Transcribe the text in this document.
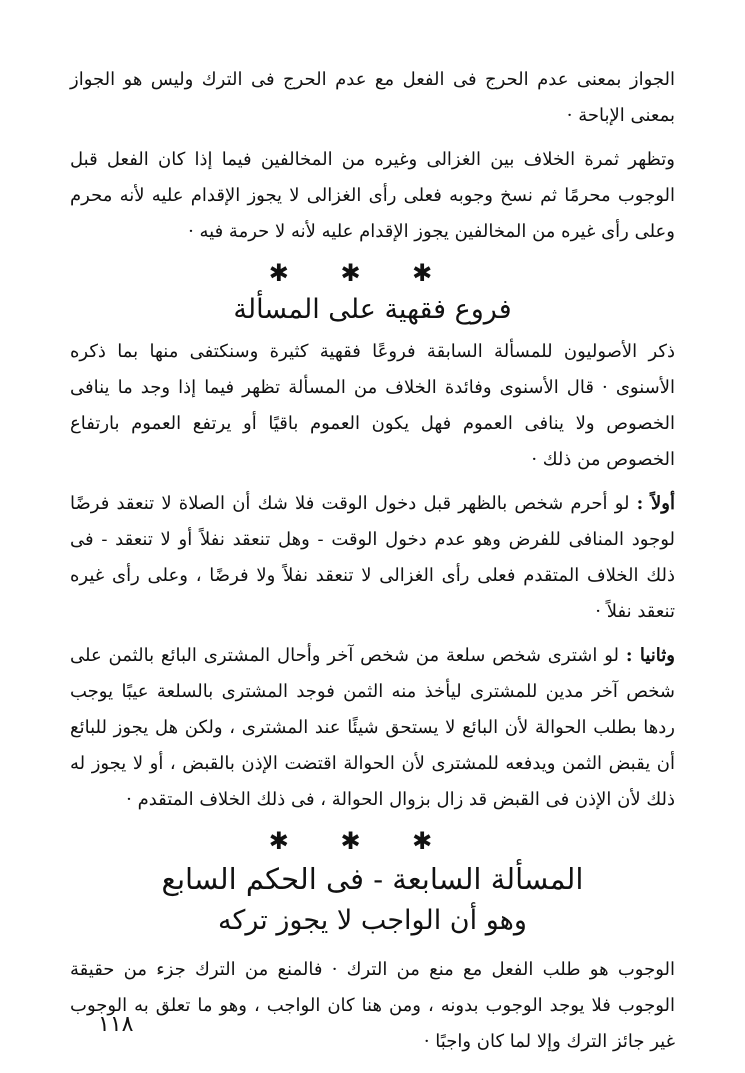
الجواز بمعنى عدم الحرج فى الفعل مع عدم الحرج فى الترك وليس هو الجواز بمعنى الإباحة ·

وتظهر ثمرة الخلاف بين الغزالى وغيره من المخالفين فيما إذا كان الفعل قبل الوجوب محرمًا ثم نسخ وجوبه فعلى رأى الغزالى لا يجوز الإقدام عليه لأنه محرم وعلى رأى غيره من المخالفين يجوز الإقدام عليه لأنه لا حرمة فيه ·

✱ ✱ ✱
فروع فقهية على المسألة

ذكر الأصوليون للمسألة السابقة فروعًا فقهية كثيرة وسنكتفى منها بما ذكره الأسنوى · قال الأسنوى وفائدة الخلاف من المسألة تظهر فيما إذا وجد ما ينافى الخصوص ولا ينافى العموم فهل يكون العموم باقيًا أو يرتفع العموم بارتفاع الخصوص من ذلك ·

أولاً : لو أحرم شخص بالظهر قبل دخول الوقت فلا شك أن الصلاة لا تنعقد فرضًا لوجود المنافى للفرض وهو عدم دخول الوقت - وهل تنعقد نفلاً أو لا تنعقد - فى ذلك الخلاف المتقدم فعلى رأى الغزالى لا تنعقد نفلاً ولا فرضًا ، وعلى رأى غيره تنعقد نفلاً ·

وثانيا : لو اشترى شخص سلعة من شخص آخر وأحال المشترى البائع بالثمن على شخص آخر مدين للمشترى ليأخذ منه الثمن فوجد المشترى بالسلعة عيبًا يوجب ردها بطلب الحوالة لأن البائع لا يستحق شيئًا عند المشترى ، ولكن هل يجوز للبائع أن يقبض الثمن ويدفعه للمشترى لأن الحوالة اقتضت الإذن بالقبض ، أو لا يجوز له ذلك لأن الإذن فى القبض قد زال بزوال الحوالة ، فى ذلك الخلاف المتقدم ·

✱ ✱ ✱
المسألة السابعة - فى الحكم السابع
وهو أن الواجب لا يجوز تركه

الوجوب هو طلب الفعل مع منع من الترك · فالمنع من الترك جزء من حقيقة الوجوب فلا يوجد الوجوب بدونه ، ومن هنا كان الواجب ، وهو ما تعلق به الوجوب غير جائز الترك وإلا لما كان واجبًا ·

١١٨
